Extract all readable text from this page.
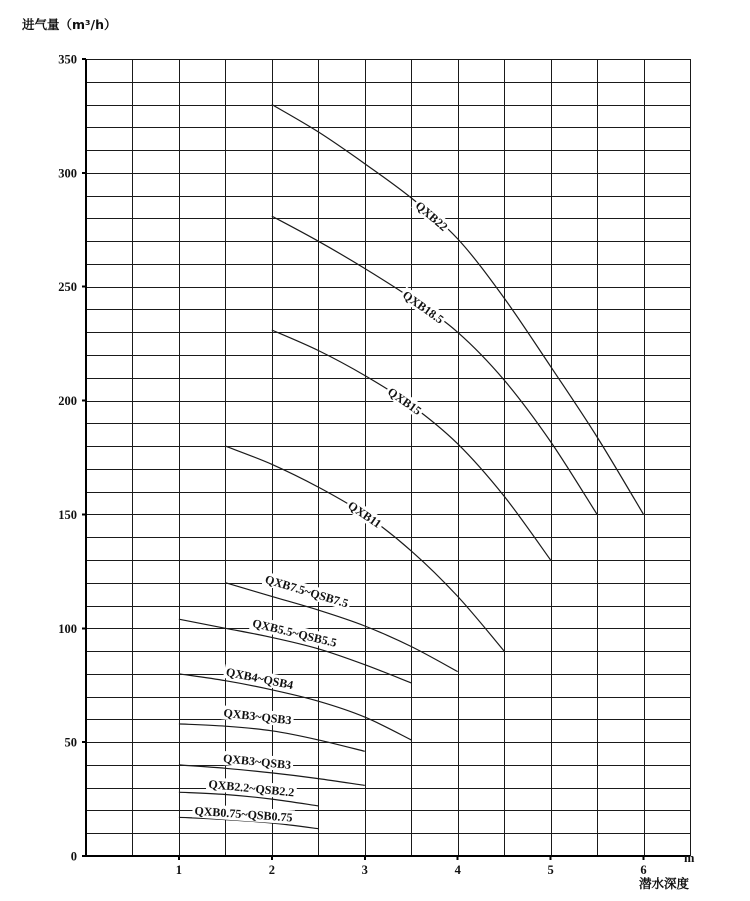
0
50
100
150
200
250
300
350
1	2	3	4	5	6
QXB22
QXB18.5
QXB15
QXB11
QXB7.5~QSB7.5
QXB5.5~QSB5.5
QXB4~QSB4
QXB3~QSB3
QXB3~QSB3
QXB2.2~QSB2.2
QXB0.75~QSB0.75
进气量（m³/h）
m
潜水深度
